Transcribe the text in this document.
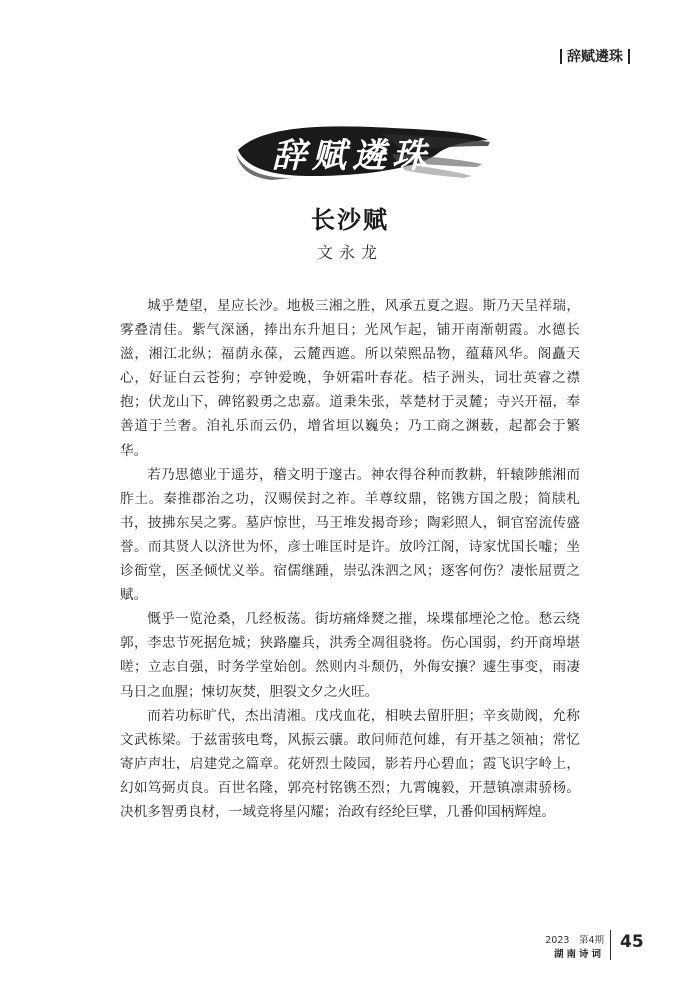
辞赋遴珠
辞赋遴珠
长沙赋
文永龙

城乎楚望，星应长沙。地极三湘之胜，风承五夏之遐。斯乃天呈祥瑞，雾叠清佳。紫气深涵，捧出东升旭日；光风乍起，铺开南渐朝霞。水德长滋，湘江北纵；福荫永葆，云麓西遮。所以荣熙品物，蕴藉风华。阁矗天心，好证白云苍狗；亭钟爱晚，争妍霜叶春花。桔子洲头，词壮英睿之襟抱；伏龙山下，碑铭毅勇之忠嘉。道秉朱张，萃楚材于灵麓；寺兴开福，奉善道于兰奢。洎礼乐而云仍，增省垣以巍奂；乃工商之渊薮，起都会于繁华。

若乃思德业于遥芬，稽文明于邃古。神农得谷种而教耕，轩辕陟熊湘而胙土。秦推郡治之功，汉赐侯封之祚。羊尊纹鼎，铭镌方国之殷；简牍札书，披拂东吴之雾。墓庐惊世，马王堆发揭奇珍；陶彩照人，铜官窑流传盛誉。而其贤人以济世为怀，彦士唯匡时是许。放吟江阁，诗家忧国长嘘；坐诊衙堂，医圣倾忧义举。宿儒继踵，崇弘洙泗之风；逐客何伤？凄怅屈贾之赋。

慨乎一览沧桑，几经板荡。街坊痛烽燹之摧，垛堞郁堙沦之怆。愁云绕郭，李忠节死据危城；狭路鏖兵，洪秀全凋徂骁将。伤心国弱，约开商埠堪嗟；立志自强，时务学堂始创。然则内斗颓仍，外侮安攘？遽生事变，雨凄马日之血腥；悚切灰焚，胆裂文夕之火旺。

而若功标旷代，杰出清湘。戊戌血花，相映去留肝胆；辛亥勋阀，允称文武栋梁。于兹雷骇电骛，风振云骧。敢问师范何雄，有开基之领袖；常忆寄庐声壮，启建党之篇章。花妍烈士陵园，影若丹心碧血；霞飞识字岭上，幻如笃弼贞良。百世名隆，郭亮村铭镌丕烈；九霄魄毅，开慧镇凛肃骄杨。决机多智勇良材，一域竞将星闪耀；治政有经纶巨擘，几番仰国柄辉煌。

2023　第4期
湖南诗词
45
